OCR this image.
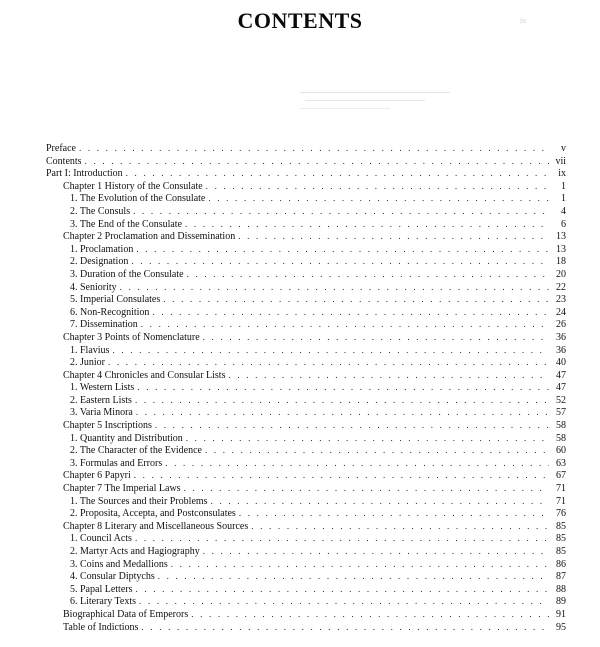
CONTENTS	ix
Preface . . .	v
Contents . . .	vii
Part I: Introduction . . .	ix
Chapter 1 History of the Consulate . . .	1
1. The Evolution of the Consulate . . .	1
2. The Consuls . . .	4
3. The End of the Consulate . . .	6
Chapter 2 Proclamation and Dissemination . . .	13
1. Proclamation . . .	13
2. Designation . . .	18
3. Duration of the Consulate . . .	20
4. Seniority . . .	22
5. Imperial Consulates . . .	23
6. Non-Recognition . . .	24
7. Dissemination . . .	26
Chapter 3 Points of Nomenclature . . .	36
1. Flavius . . .	36
2. Junior . . .	40
Chapter 4 Chronicles and Consular Lists . . .	47
1. Western Lists . . .	47
2. Eastern Lists . . .	52
3. Varia Minora . . .	57
Chapter 5 Inscriptions . . .	58
1. Quantity and Distribution . . .	58
2. The Character of the Evidence . . .	60
3. Formulas and Errors . . .	63
Chapter 6 Papyri . . .	67
Chapter 7 The Imperial Laws . . .	71
1. The Sources and their Problems . . .	71
2. Proposita, Accepta, and Postconsulates . . .	76
Chapter 8 Literary and Miscellaneous Sources . . .	85
1. Council Acts . . .	85
2. Martyr Acts and Hagiography . . .	85
3. Coins and Medallions . . .	86
4. Consular Diptychs . . .	87
5. Papal Letters . . .	88
6. Literary Texts . . .	89
Biographical Data of Emperors . . .	91
Table of Indictions . . .	95
